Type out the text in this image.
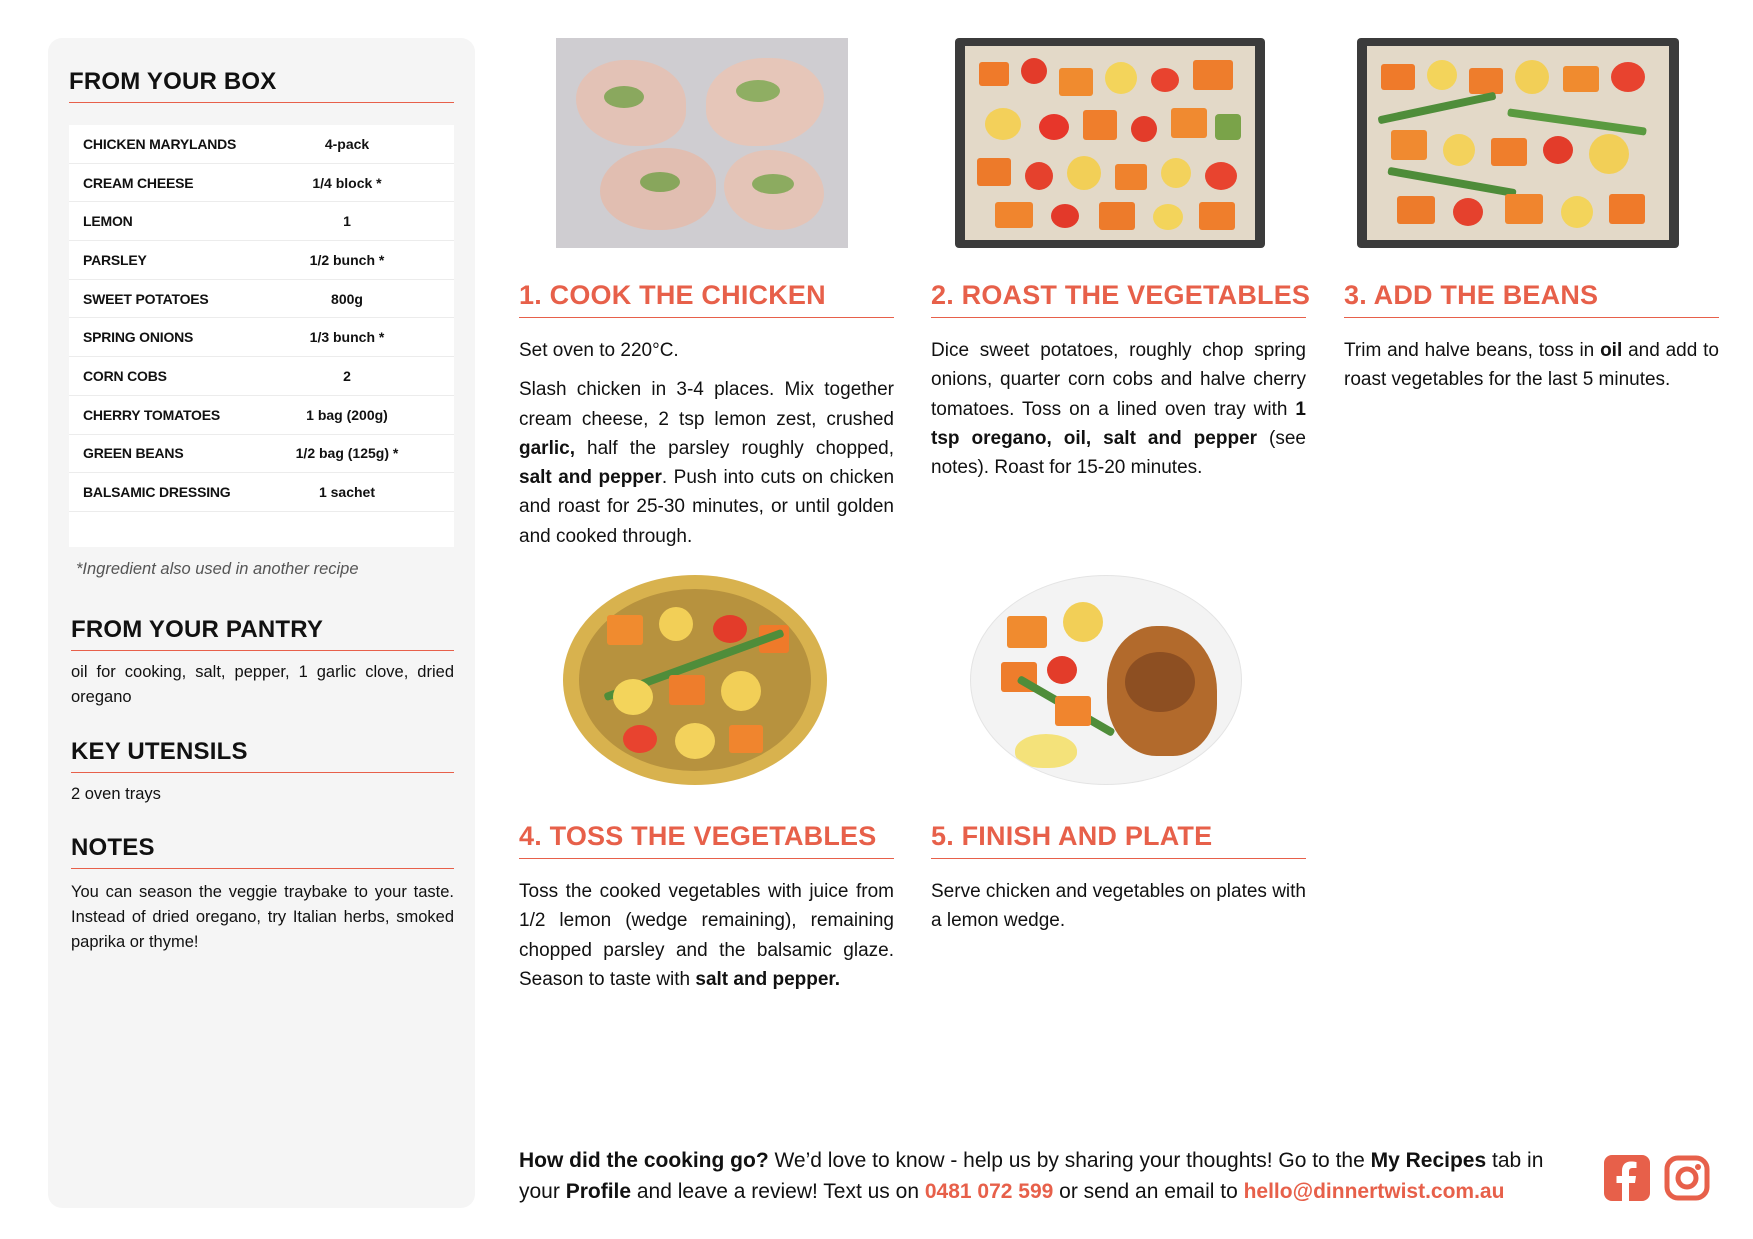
FROM YOUR BOX
CHICKEN MARYLANDS	4-pack
CREAM CHEESE	1/4 block *
LEMON	1
PARSLEY	1/2 bunch *
SWEET POTATOES	800g
SPRING ONIONS	1/3 bunch *
CORN COBS	2
CHERRY TOMATOES	1 bag (200g)
GREEN BEANS	1/2 bag (125g) *
BALSAMIC DRESSING	1 sachet
*Ingredient also used in another recipe
FROM YOUR PANTRY
oil for cooking, salt, pepper, 1 garlic clove, dried oregano
KEY UTENSILS
2 oven trays
NOTES
You can season the veggie traybake to your taste. Instead of dried oregano, try Italian herbs, smoked paprika or thyme!
1. COOK THE CHICKEN
Set oven to 220°C.
Slash chicken in 3-4 places. Mix together cream cheese, 2 tsp lemon zest, crushed garlic, half the parsley roughly chopped, salt and pepper. Push into cuts on chicken and roast for 25-30 minutes, or until golden and cooked through.
2. ROAST THE VEGETABLES
Dice sweet potatoes, roughly chop spring onions, quarter corn cobs and halve cherry tomatoes. Toss on a lined oven tray with 1 tsp oregano, oil, salt and pepper (see notes). Roast for 15-20 minutes.
3. ADD THE BEANS
Trim and halve beans, toss in oil and add to roast vegetables for the last 5 minutes.
4. TOSS THE VEGETABLES
Toss the cooked vegetables with juice from 1/2 lemon (wedge remaining), remaining chopped parsley and the balsamic glaze. Season to taste with salt and pepper.
5. FINISH AND PLATE
Serve chicken and vegetables on plates with a lemon wedge.
How did the cooking go? We’d love to know - help us by sharing your thoughts! Go to the My Recipes tab in your Profile and leave a review! Text us on 0481 072 599 or send an email to hello@dinnertwist.com.au
